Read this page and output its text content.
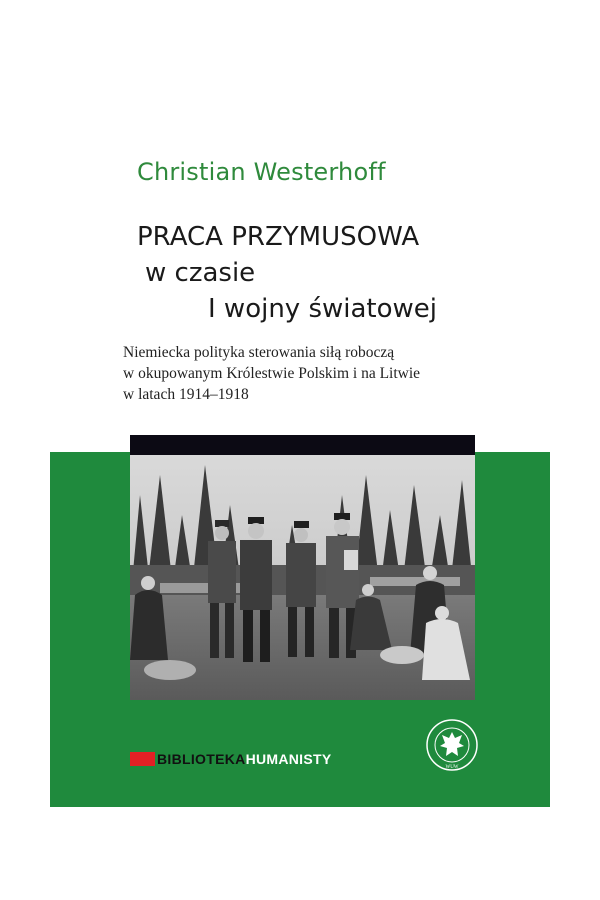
Christian Westerhoff
PRACA PRZYMUSOWA
w czasie
I wojny światowej
Niemiecka polityka sterowania siłą roboczą
w okupowanym Królestwie Polskim i na Litwie
w latach 1914–1918
BIBLIOTEKA HUMANISTY
WUW
